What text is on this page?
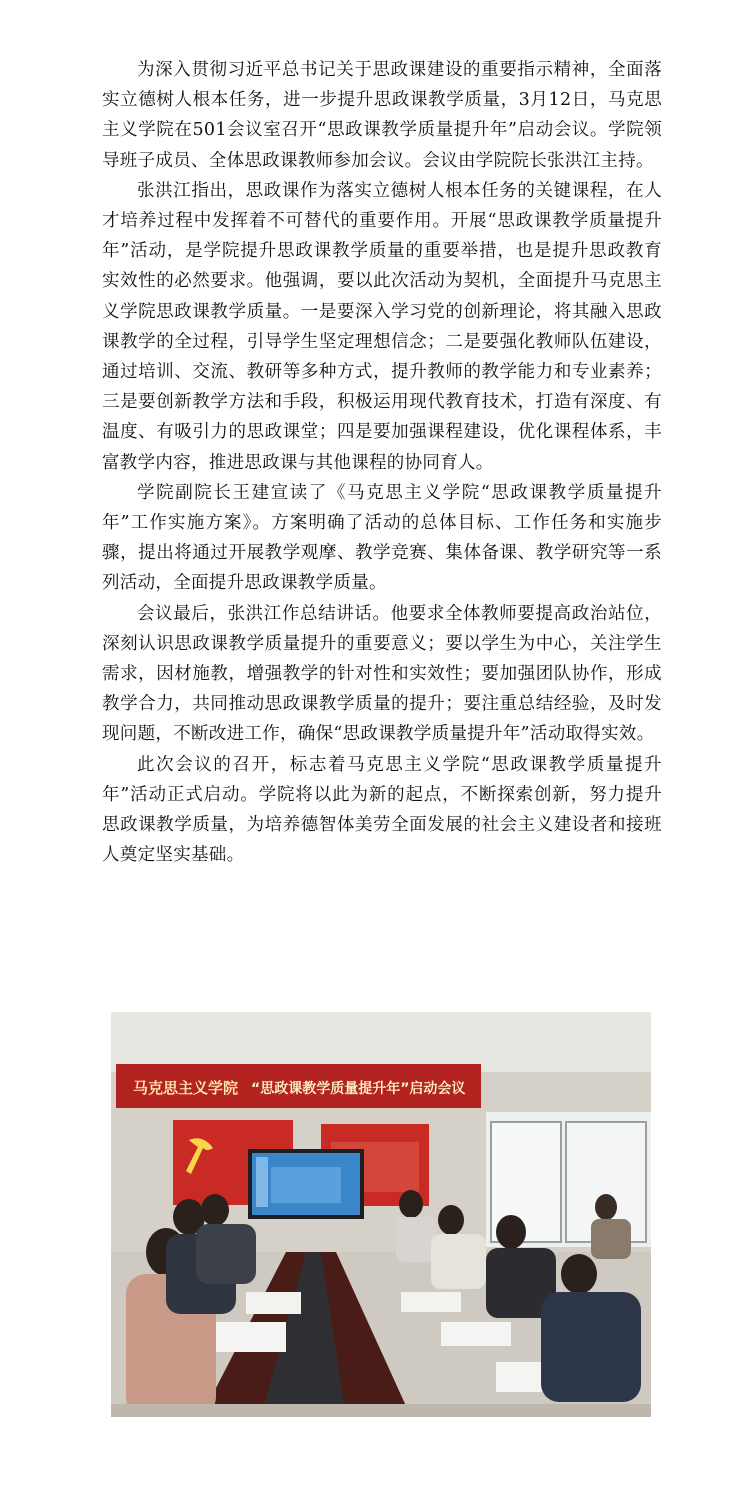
为深入贯彻习近平总书记关于思政课建设的重要指示精神，全面落实立德树人根本任务，进一步提升思政课教学质量，3月12日，马克思主义学院在501会议室召开“思政课教学质量提升年”启动会议。学院领导班子成员、全体思政课教师参加会议。会议由学院院长张洪江主持。

张洪江指出，思政课作为落实立德树人根本任务的关键课程，在人才培养过程中发挥着不可替代的重要作用。开展“思政课教学质量提升年”活动，是学院提升思政课教学质量的重要举措，也是提升思政教育实效性的必然要求。他强调，要以此次活动为契机，全面提升马克思主义学院思政课教学质量。一是要深入学习党的创新理论，将其融入思政课教学的全过程，引导学生坚定理想信念；二是要强化教师队伍建设，通过培训、交流、教研等多种方式，提升教师的教学能力和专业素养；三是要创新教学方法和手段，积极运用现代教育技术，打造有深度、有温度、有吸引力的思政课堂；四是要加强课程建设，优化课程体系，丰富教学内容，推进思政课与其他课程的协同育人。

学院副院长王建宣读了《马克思主义学院“思政课教学质量提升年”工作实施方案》。方案明确了活动的总体目标、工作任务和实施步骤，提出将通过开展教学观摩、教学竞赛、集体备课、教学研究等一系列活动，全面提升思政课教学质量。

会议最后，张洪江作总结讲话。他要求全体教师要提高政治站位，深刻认识思政课教学质量提升的重要意义；要以学生为中心，关注学生需求，因材施教，增强教学的针对性和实效性；要加强团队协作，形成教学合力，共同推动思政课教学质量的提升；要注重总结经验，及时发现问题，不断改进工作，确保“思政课教学质量提升年”活动取得实效。

此次会议的召开，标志着马克思主义学院“思政课教学质量提升年”活动正式启动。学院将以此为新的起点，不断探索创新，努力提升思政课教学质量，为培养德智体美劳全面发展的社会主义建设者和接班人奠定坚实基础。

马克思主义学院 “思政课教学质量提升年”启动会议
